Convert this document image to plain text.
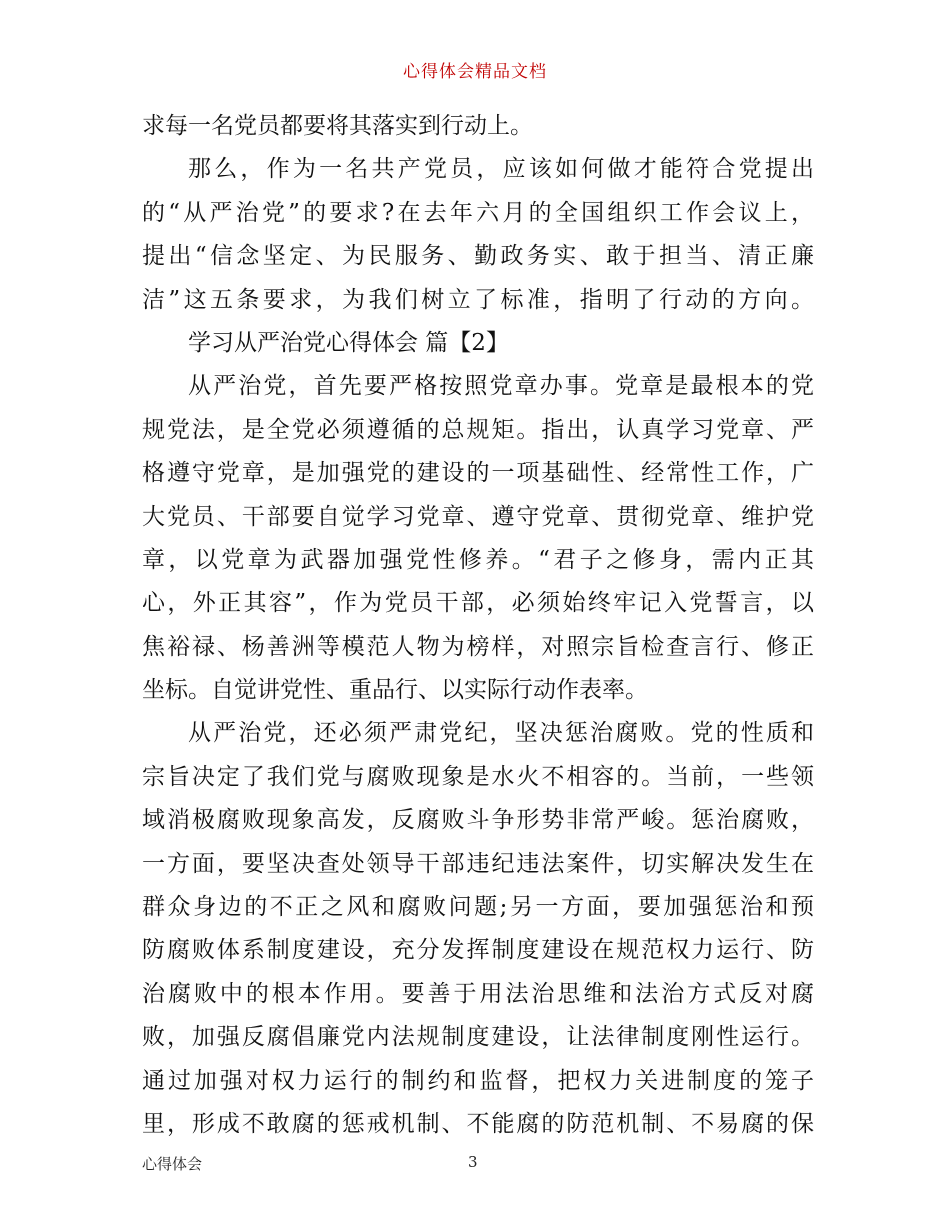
心得体会精品文档
求每一名党员都要将其落实到行动上。
那么，作为一名共产党员，应该如何做才能符合党提出
的“从严治党”的要求?在去年六月的全国组织工作会议上，
提出“信念坚定、为民服务、勤政务实、敢于担当、清正廉
洁”这五条要求，为我们树立了标准，指明了行动的方向。
学习从严治党心得体会 篇【2】
从严治党，首先要严格按照党章办事。党章是最根本的党
规党法，是全党必须遵循的总规矩。指出，认真学习党章、严
格遵守党章，是加强党的建设的一项基础性、经常性工作，广
大党员、干部要自觉学习党章、遵守党章、贯彻党章、维护党
章，以党章为武器加强党性修养。“君子之修身，需内正其
心，外正其容”，作为党员干部，必须始终牢记入党誓言，以
焦裕禄、杨善洲等模范人物为榜样，对照宗旨检查言行、修正
坐标。自觉讲党性、重品行、以实际行动作表率。
从严治党，还必须严肃党纪，坚决惩治腐败。党的性质和
宗旨决定了我们党与腐败现象是水火不相容的。当前，一些领
域消极腐败现象高发，反腐败斗争形势非常严峻。惩治腐败，
一方面，要坚决查处领导干部违纪违法案件，切实解决发生在
群众身边的不正之风和腐败问题;另一方面，要加强惩治和预
防腐败体系制度建设，充分发挥制度建设在规范权力运行、防
治腐败中的根本作用。要善于用法治思维和法治方式反对腐
败，加强反腐倡廉党内法规制度建设，让法律制度刚性运行。
通过加强对权力运行的制约和监督，把权力关进制度的笼子
里，形成不敢腐的惩戒机制、不能腐的防范机制、不易腐的保
心得体会	3
